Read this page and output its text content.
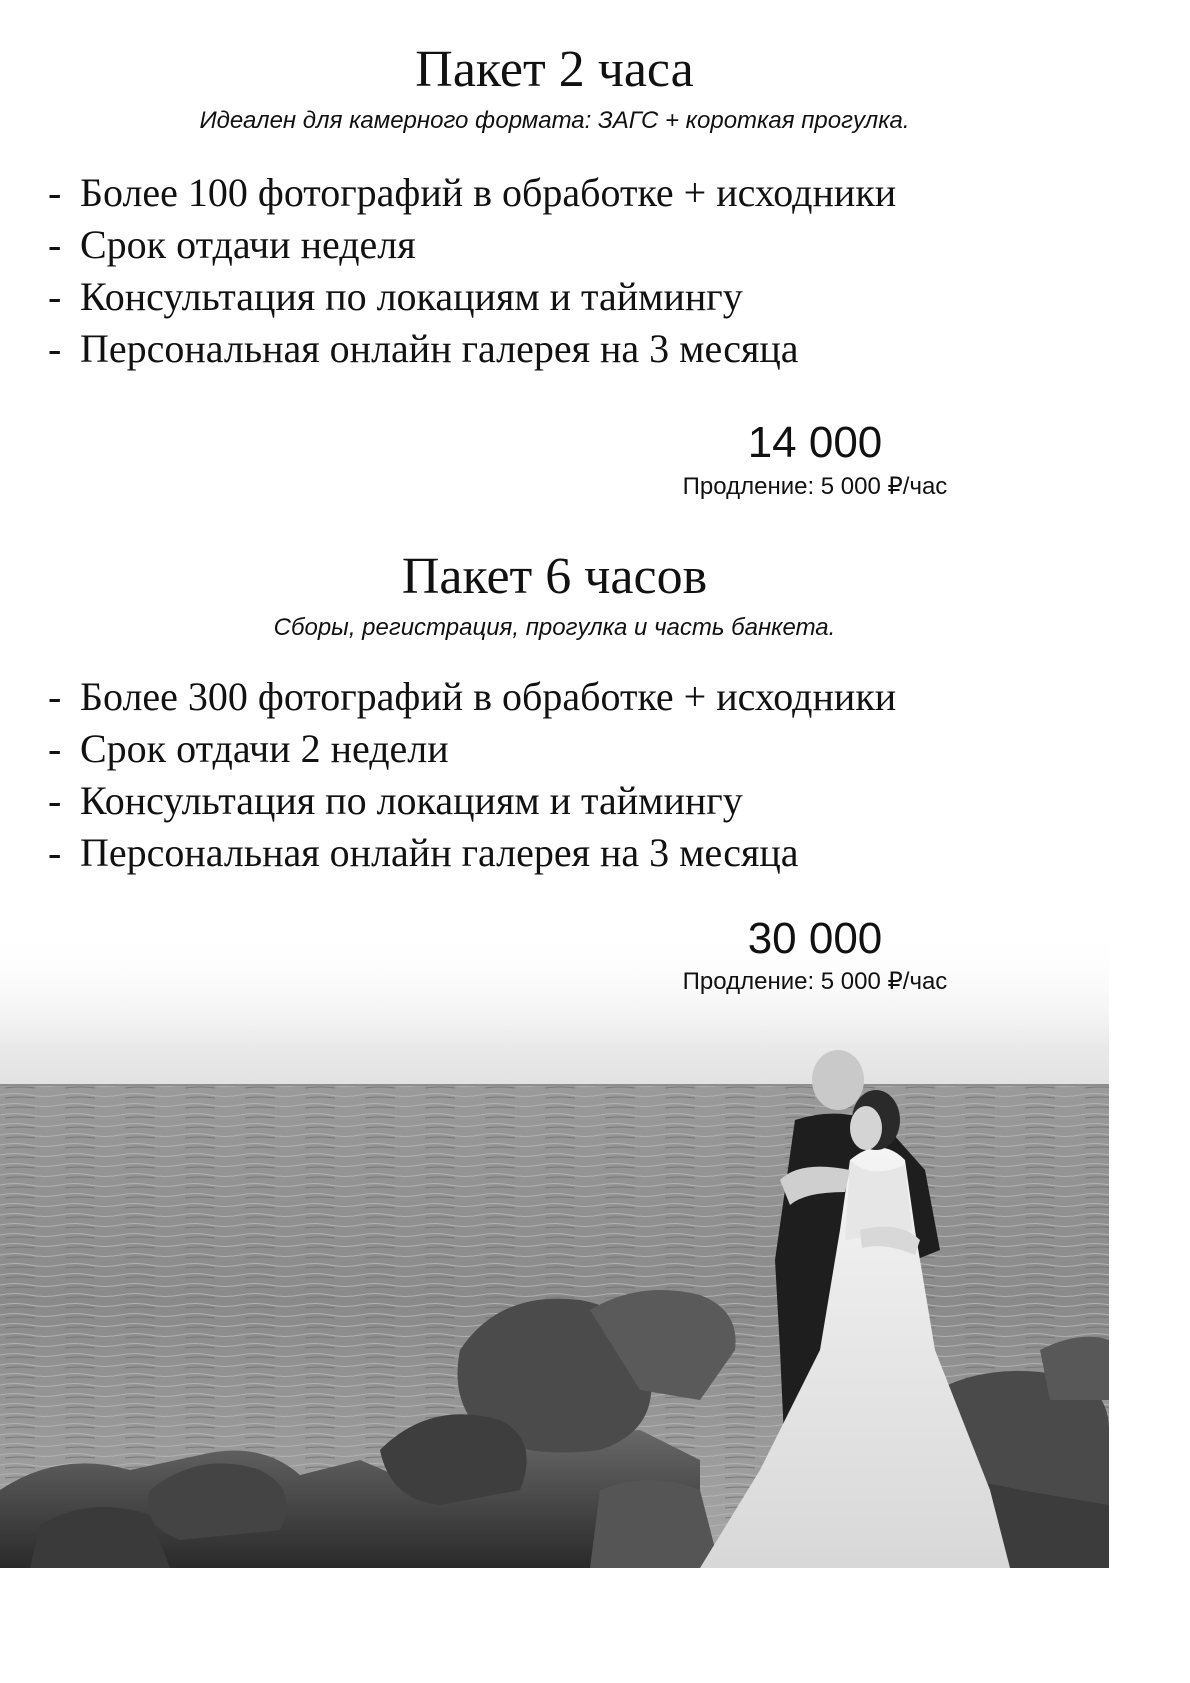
Пакет 2 часа
Идеален для камерного формата: ЗАГС + короткая прогулка.
- Более 100 фотографий в обработке + исходники
- Срок отдачи неделя
- Консультация по локациям и таймингу
- Персональная онлайн галерея на 3 месяца
14 000
Продление: 5 000 ₽/час
Пакет 6 часов
Сборы, регистрация, прогулка и часть банкета.
- Более 300 фотографий в обработке + исходники
- Срок отдачи 2 недели
- Консультация по локациям и таймингу
- Персональная онлайн галерея на 3 месяца
30 000
Продление: 5 000 ₽/час
